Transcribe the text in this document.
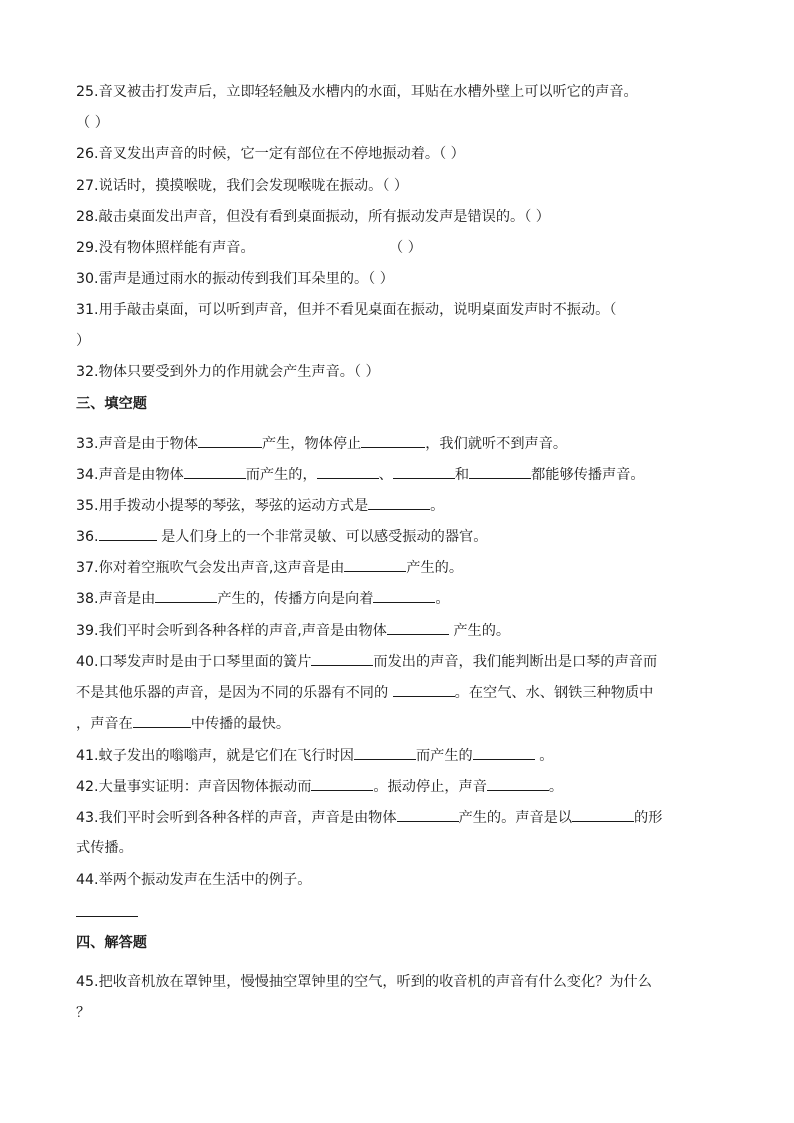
25.音叉被击打发声后，立即轻轻触及水槽内的水面，耳贴在水槽外壁上可以听它的声音。
（ ）
26.音叉发出声音的时候，它一定有部位在不停地振动着。（ ）
27.说话时，摸摸喉咙，我们会发现喉咙在振动。（ ）
28.敲击桌面发出声音，但没有看到桌面振动，所有振动发声是错误的。（ ）
29.没有物体照样能有声音。	（ ）
30.雷声是通过雨水的振动传到我们耳朵里的。（ ）
31.用手敲击桌面，可以听到声音，但并不看见桌面在振动，说明桌面发声时不振动。（
）
32.物体只要受到外力的作用就会产生声音。（ ）
三、填空题
33.声音是由于物体	产生，物体停止	，我们就听不到声音。
34.声音是由物体	而产生的，	、	和	都能够传播声音。
35.用手拨动小提琴的琴弦，琴弦的运动方式是	。
36.	是人们身上的一个非常灵敏、可以感受振动的器官。
37.你对着空瓶吹气会发出声音,这声音是由	产生的。
38.声音是由	产生的，传播方向是向着	。
39.我们平时会听到各种各样的声音,声音是由物体	产生的。
40.口琴发声时是由于口琴里面的簧片	而发出的声音，我们能判断出是口琴的声音而
不是其他乐器的声音，是因为不同的乐器有不同的	。在空气、水、钢铁三种物质中
，声音在	中传播的最快。
41.蚊子发出的嗡嗡声，就是它们在飞行时因	而产生的	。
42.大量事实证明：声音因物体振动而	。振动停止，声音	。
43.我们平时会听到各种各样的声音，声音是由物体	产生的。声音是以	的形
式传播。
44.举两个振动发声在生活中的例子。
四、解答题
45.把收音机放在罩钟里，慢慢抽空罩钟里的空气，听到的收音机的声音有什么变化？为什么
？
